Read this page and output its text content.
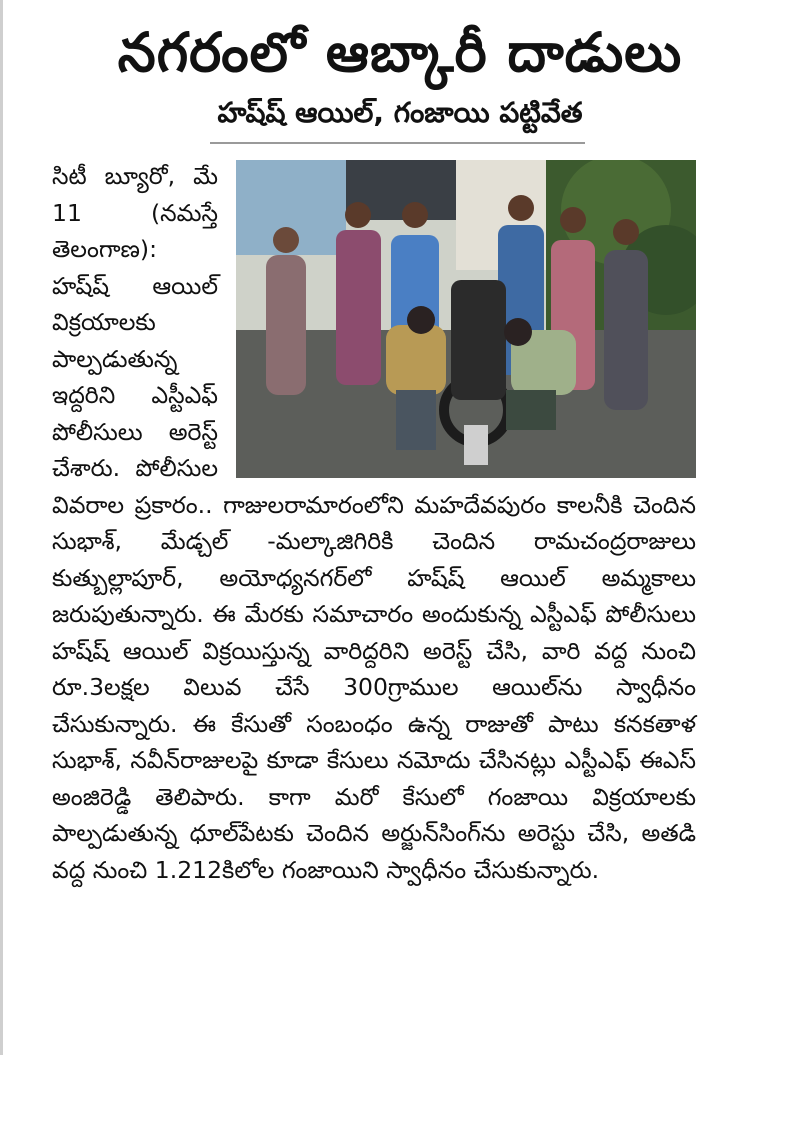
నగరంలో ఆబ్కారీ దాడులు
హష్‌ష్ ఆయిల్, గంజాయి పట్టివేత

సిటీ బ్యూరో, మే 11 (నమస్తే తెలంగాణ): హష్‌ష్ ఆయిల్ విక్రయాలకు పాల్పడుతున్న ఇద్దరిని ఎస్టీఎఫ్ పోలీసులు అరెస్ట్ చేశారు. పోలీసుల వివరాల ప్రకారం.. గాజులరామారంలోని మహదేవపురం కాలనీకి చెందిన సుభాశ్, మేడ్చల్ -మల్కాజిగిరికి చెందిన రామచంద్రరాజులు కుత్బుల్లాపూర్, అయోధ్యనగర్‌లో హష్‌ష్ ఆయిల్ అమ్మకాలు జరుపుతున్నారు. ఈ మేరకు సమాచారం అందుకున్న ఎస్టీఎఫ్ పోలీసులు హష్‌ష్ ఆయిల్ విక్రయిస్తున్న వారిద్దరిని అరెస్ట్ చేసి, వారి వద్ద నుంచి రూ.3లక్షల విలువ చేసే 300గ్రాముల ఆయిల్‌ను స్వాధీనం చేసుకున్నారు. ఈ కేసుతో సంబంధం ఉన్న రాజుతో పాటు కనకతాళ సుభాశ్, నవీన్‌రాజులపై కూడా కేసులు నమోదు చేసినట్లు ఎస్టీఎఫ్ ఈఎస్ అంజిరెడ్డి తెలిపారు. కాగా మరో కేసులో గంజాయి విక్రయాలకు పాల్పడుతున్న ధూల్‌పేటకు చెందిన అర్జున్‌సింగ్‌ను అరెస్టు చేసి, అతడి వద్ద నుంచి 1.212కిలోల గంజాయిని స్వాధీనం చేసుకున్నారు.
